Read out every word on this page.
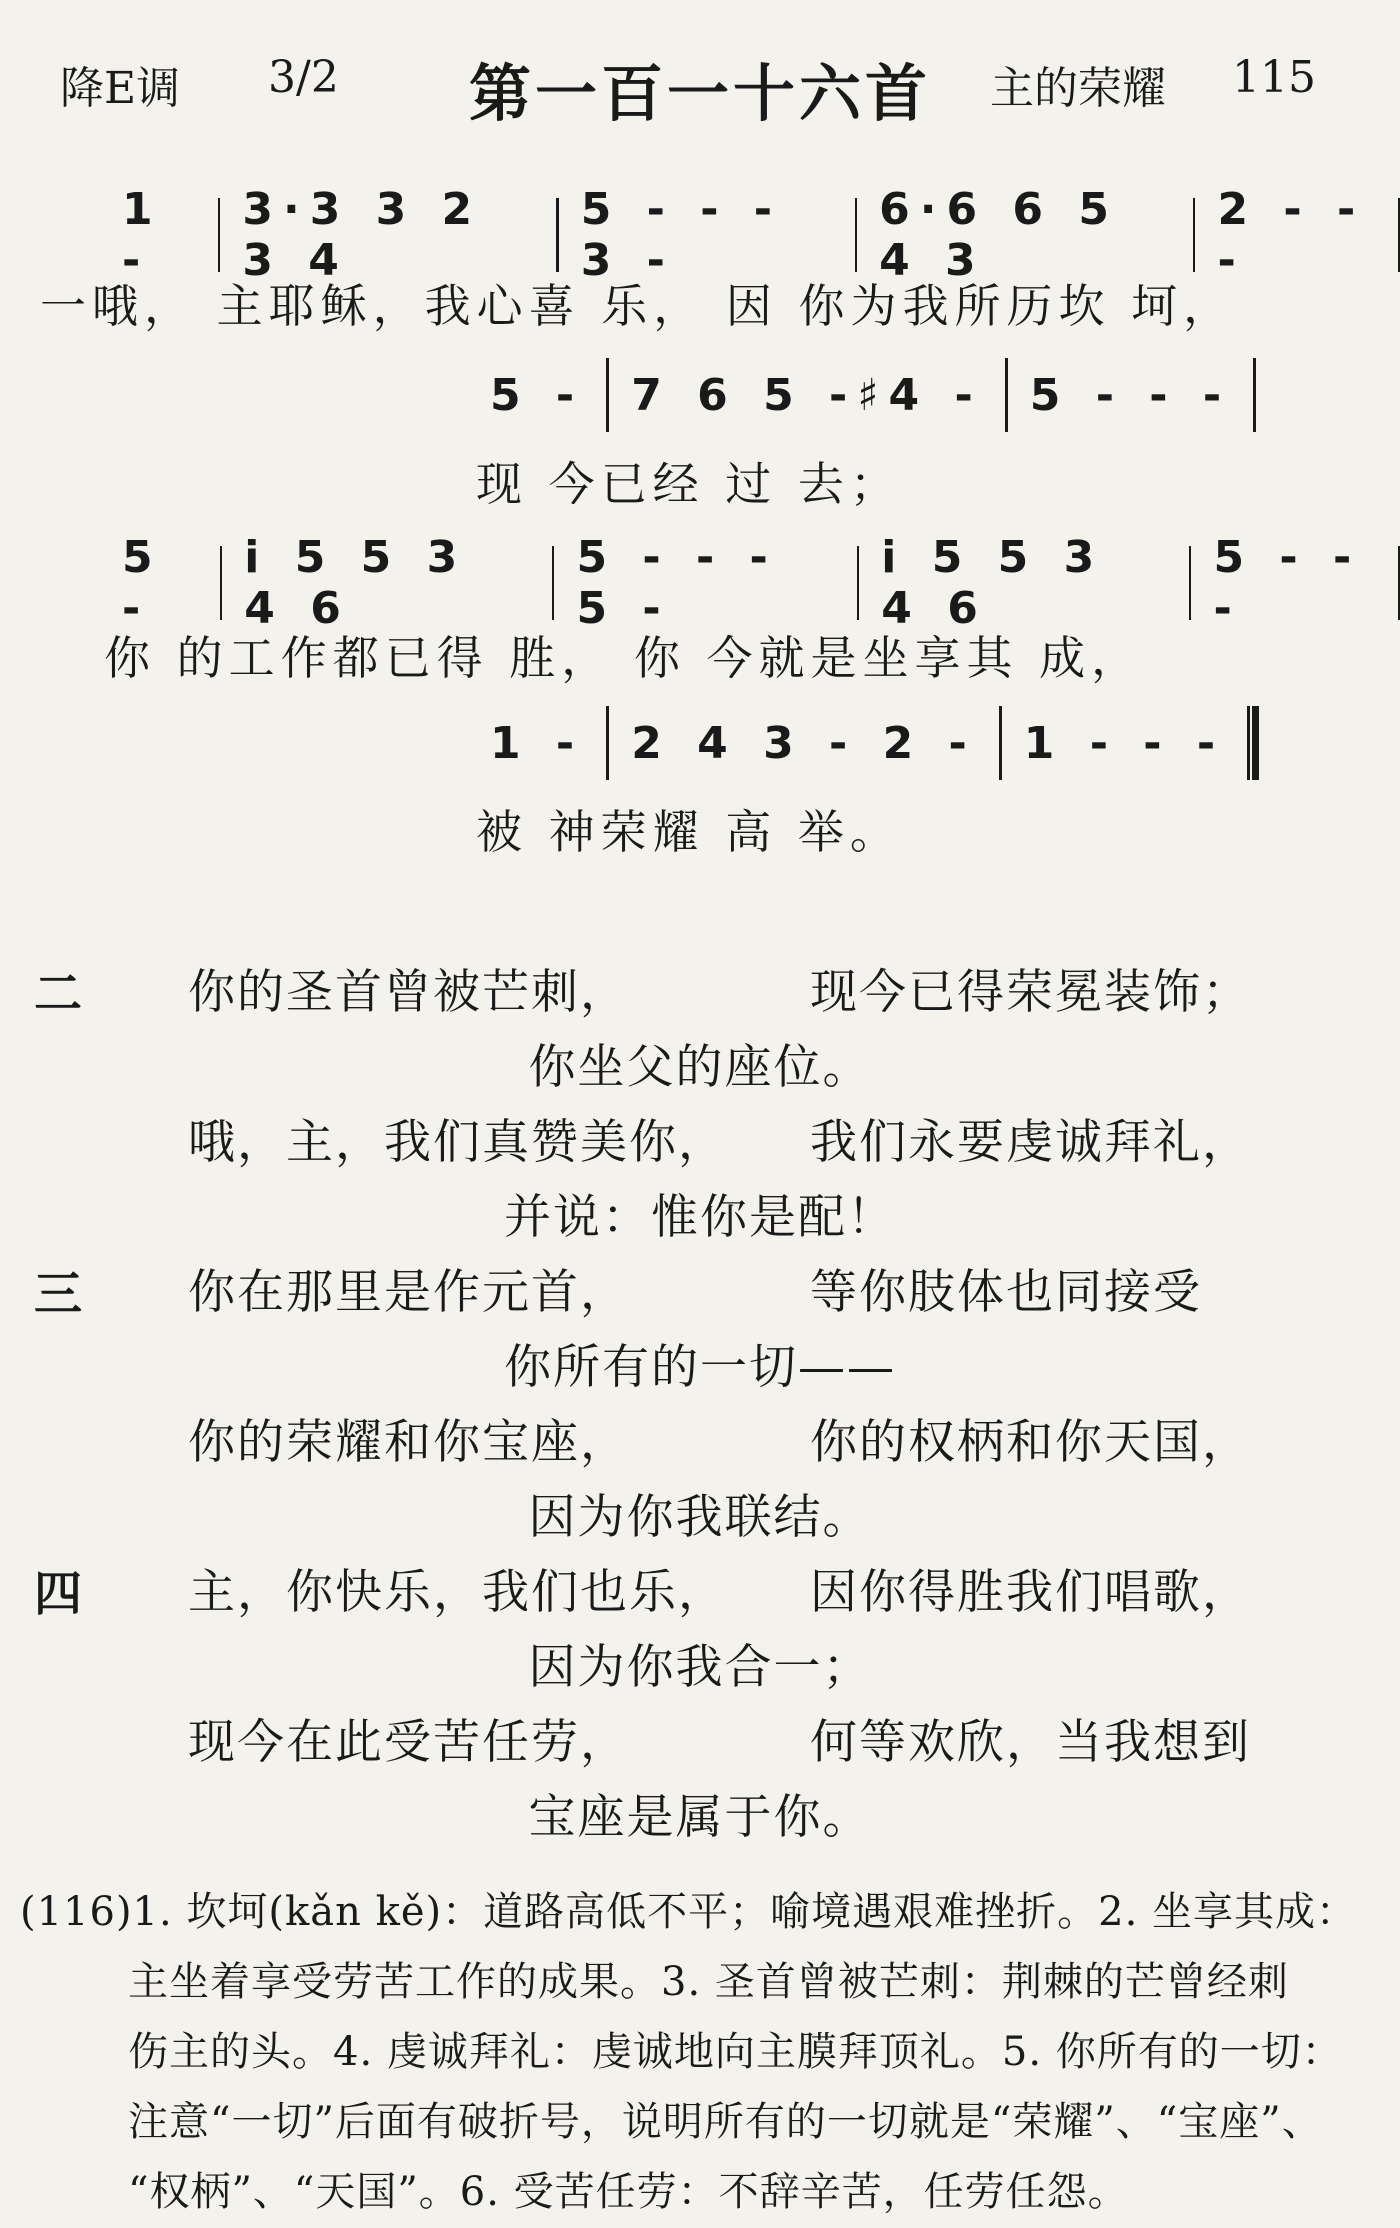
降E调 3/2	第一百一十六首	主的荣耀 115
1 -
3·3 3 2 3 4
5 - - - 3 -
6·6 6 5 4 3
2 - - -
一哦， 主耶稣，我心喜 乐， 因 你为我所历坎 坷，
5 -	7 6 5 -♯4 -	5 - - -
现 今已经 过 去；
5 -
i 5 5 3 4 6
5 - - - 5 -
i 5 5 3 4 6
5 - - -
你 的工作都已得 胜， 你 今就是坐享其 成，
1 -	2 4 3 - 2 -	1 - - -
被 神荣耀 高 举。
二 你的圣首曾被芒刺，	现今已得荣冕装饰；
你坐父的座位。
哦，主，我们真赞美你， 我们永要虔诚拜礼，
并说：惟你是配！
三 你在那里是作元首，	等你肢体也同接受
你所有的一切——
你的荣耀和你宝座，	你的权柄和你天国，
因为你我联结。
四 主，你快乐，我们也乐， 因你得胜我们唱歌，
因为你我合一；
现今在此受苦任劳，	何等欢欣，当我想到
宝座是属于你。
(116)1. 坎坷(kǎn kě)：道路高低不平；喻境遇艰难挫折。2. 坐享其成：
主坐着享受劳苦工作的成果。3. 圣首曾被芒刺：荆棘的芒曾经刺
伤主的头。4. 虔诚拜礼：虔诚地向主膜拜顶礼。5. 你所有的一切：
注意“一切”后面有破折号，说明所有的一切就是“荣耀”、“宝座”、
“权柄”、“天国”。6. 受苦任劳：不辞辛苦，任劳任怨。
